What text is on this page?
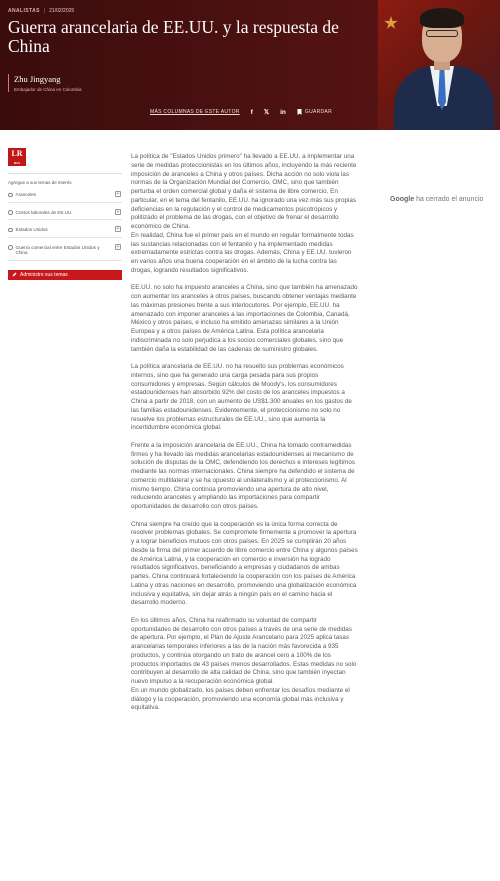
ANALISTAS | 21/02/2025
Guerra arancelaria de EE.UU. y la respuesta de China
Zhu Jingyang
Embajador de China en Colombia
MÁS COLUMNAS DE ESTE AUTOR f 𝕏 in	GUARDAR
LR
MAS
Agregue a sus temas de interés
Aranceles	+
Costos laborales de EE.UU.	+
Estados Unidos	+
Guerra comercial entre Estados Unidos y China
+
Administre sus temas

La política de "Estados Unidos primero" ha llevado a EE.UU. a implementar una serie de medidas proteccionistas en los últimos años, incluyendo la más reciente imposición de aranceles a China y otros países. Dicha acción no solo viola las normas de la Organización Mundial del Comercio, OMC, sino que también perturba el orden comercial global y daña el sistema de libre comercio. En particular, en el tema del fentanilo, EE.UU. ha ignorado una vez más sus propias deficiencias en la regulación y el control de medicamentos psicotrópicos y politizado el problema de las drogas, con el objetivo de frenar el desarrollo económico de China.

En realidad, China fue el primer país en el mundo en regular formalmente todas las sustancias relacionadas con el fentanilo y ha implementado medidas extremadamente estrictas contra las drogas. Además, China y EE.UU. tuvieron en varios años una buena cooperación en el ámbito de la lucha contra las drogas, logrando resultados significativos.

EE.UU. no solo ha impuesto aranceles a China, sino que también ha amenazado con aumentar los aranceles a otros países, buscando obtener ventajas mediante las máximas presiones frente a sus interlocutores. Por ejemplo, EE.UU. ha amenazado con imponer aranceles a las importaciones de Colombia, Canadá, México y otros países, e incluso ha emitido amenazas similares a la Unión Europea y a otros países de América Latina. Esta política arancelaria indiscriminada no solo perjudica a los socios comerciales globales, sino que también daña la estabilidad de las cadenas de suministro globales.

La política arancelaria de EE.UU. no ha resuelto sus problemas económicos internos, sino que ha generado una carga pesada para sus propios consumidores y empresas. Según cálculos de Moody's, los consumidores estadounidenses han absorbido 92% del costo de los aranceles impuestos a China a partir de 2018, con un aumento de US$1.300 anuales en los gastos de las familias estadounidenses. Evidentemente, el proteccionismo no solo no resuelve los problemas estructurales de EE.UU., sino que aumenta la incertidumbre económica global.

Frente a la imposición arancelaria de EE.UU., China ha tomado contramedidas firmes y ha llevado las medidas arancelarias estadounidenses al mecanismo de solución de disputas de la OMC, defendiendo los derechos e intereses legítimos mediante las normas internacionales. China siempre ha defendido el sistema de comercio multilateral y se ha opuesto al unilateralismo y al proteccionismo. Al mismo tiempo, China continúa promoviendo una apertura de alto nivel, reduciendo aranceles y ampliando las importaciones para compartir oportunidades de desarrollo con otros países.

China siempre ha creído que la cooperación es la única forma correcta de resolver problemas globales. Se compromete firmemente a promover la apertura y a lograr beneficios mutuos con otros países. En 2025 se cumplirán 20 años desde la firma del primer acuerdo de libre comercio entre China y algunos países de América Latina, y la cooperación en comercio e inversión ha logrado resultados significativos, beneficiando a empresas y ciudadanos de ambas partes. China continuará fortaleciendo la cooperación con los países de América Latina y otras naciones en desarrollo, promoviendo una globalización económica inclusiva y equitativa, sin dejar atrás a ningún país en el camino hacia el desarrollo moderno.

En los últimos años, China ha reafirmado su voluntad de compartir oportunidades de desarrollo con otros países a través de una serie de medidas de apertura. Por ejemplo, el Plan de Ajuste Arancelario para 2025 aplica tasas arancelarias temporales inferiores a las de la nación más favorecida a 935 productos, y continúa otorgando un trato de arancel cero a 100% de los productos importados de 43 países menos desarrollados. Estas medidas no solo contribuyen al desarrollo de alta calidad de China, sino que también inyectan nuevo impulso a la recuperación económica global.

En un mundo globalizado, los países deben enfrentar los desafíos mediante el diálogo y la cooperación, promoviendo una economía global más inclusiva y equitativa.

Google ha cerrado el anuncio
